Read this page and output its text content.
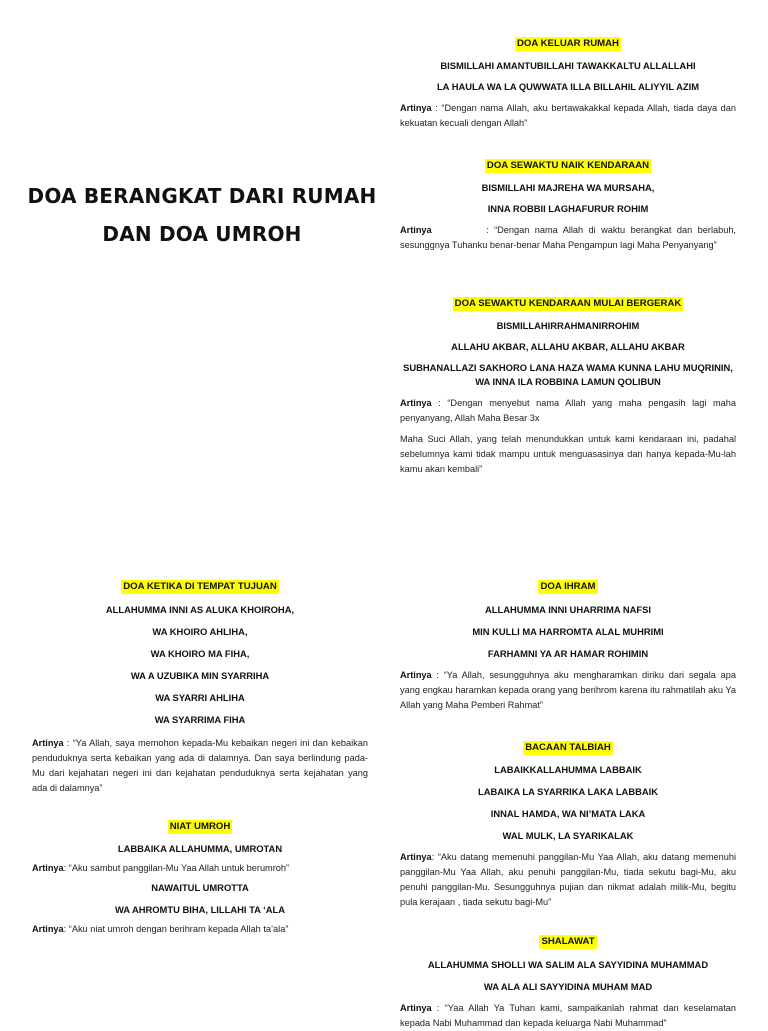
DOA BERANGKAT DARI RUMAH
DAN DOA UMROH

DOA KELUAR RUMAH

BISMILLAHI AMANTUBILLAHI TAWAKKALTU ALLALLAHI

LA HAULA WA LA QUWWATA ILLA BILLAHIL ALIYYIL AZIM

Artinya : “Dengan nama Allah, aku bertawakakkal kepada Allah, tiada daya dan kekuatan kecuali dengan Allah”

DOA SEWAKTU NAIK KENDARAAN

BISMILLAHI MAJREHA WA MURSAHA,

INNA ROBBII LAGHAFURUR ROHIM

Artinya          : “Dengan nama Allah di waktu berangkat dan berlabuh, sesunggnya Tuhanku benar-benar Maha Pengampun lagi Maha Penyanyang”

DOA SEWAKTU KENDARAAN MULAI BERGERAK

BISMILLAHIRRAHMANIRROHIM

ALLAHU AKBAR, ALLAHU AKBAR, ALLAHU AKBAR

SUBHANALLAZI SAKHORO LANA HAZA WAMA KUNNA LAHU MUQRININ,

WA INNA ILA ROBBINA LAMUN QOLIBUN

Artinya : “Dengan menyebut nama Allah yang maha pengasih lagi maha penyanyang, Allah Maha Besar 3x

Maha Suci Allah, yang telah menundukkan untuk kami kendaraan ini, padahal sebelumnya kami tidak mampu untuk menguasasinya dan hanya kepada-Mu-lah kamu akan kembali”

DOA KETIKA DI TEMPAT TUJUAN

ALLAHUMMA INNI AS ALUKA KHOIROHA,

WA KHOIRO AHLIHA,

WA KHOIRO MA FIHA,

WA A UZUBIKA MIN SYARRIHA

WA SYARRI AHLIHA

WA SYARRIMA FIHA

Artinya : “Ya Allah, saya memohon kepada-Mu kebaikan negeri ini dan kebaikan penduduknya serta kebaikan yang ada di dalamnya. Dan saya berlindung pada-Mu dari kejahatan negeri ini dan kejahatan penduduknya serta kejahatan yang ada di dalamnya”

NIAT UMROH

LABBAIKA ALLAHUMMA, UMROTAN

Artinya: “Aku sambut panggilan-Mu Yaa Allah untuk berumroh”

NAWAITUL UMROTTA

WA AHROMTU BIHA, LILLAHI TA ‘ALA

Artinya: “Aku niat umroh dengan berihram kepada Allah ta’ala”

DOA IHRAM

ALLAHUMMA INNI UHARRIMA NAFSI

MIN KULLI MA HARROMTA ALAL MUHRIMI

FARHAMNI YA AR HAMAR ROHIMIN

Artinya : “Ya Allah, sesungguhnya aku mengharamkan diriku dari segala apa yang engkau haramkan kepada orang yang berihrom karena itu rahmatilah aku Ya Allah yang Maha Pemberi Rahmat”

BACAAN TALBIAH

LABAIKKALLAHUMMA LABBAIK

LABAIKA LA SYARRIKA LAKA LABBAIK

INNAL HAMDA, WA NI’MATA LAKA

WAL MULK, LA SYARIKALAK

Artinya: “Aku datang memenuhi panggilan-Mu Yaa Allah, aku datang memenuhi panggilan-Mu Yaa Allah, aku penuhi panggilan-Mu, tiada sekutu bagi-Mu, aku penuhi panggilan-Mu. Sesungguhnya pujian dan nikmat adalah milik-Mu, begitu pula kerajaan , tiada sekutu bagi-Mu”

SHALAWAT

ALLAHUMMA SHOLLI WA SALIM ALA SAYYIDINA MUHAMMAD

WA ALA ALI SAYYIDINA MUHAM MAD

Artinya : “Yaa Allah Ya Tuhan kami, sampaikanlah rahmat dan keselamatan kepada Nabi Muhammad dan kepada keluarga Nabi Muhammad”
